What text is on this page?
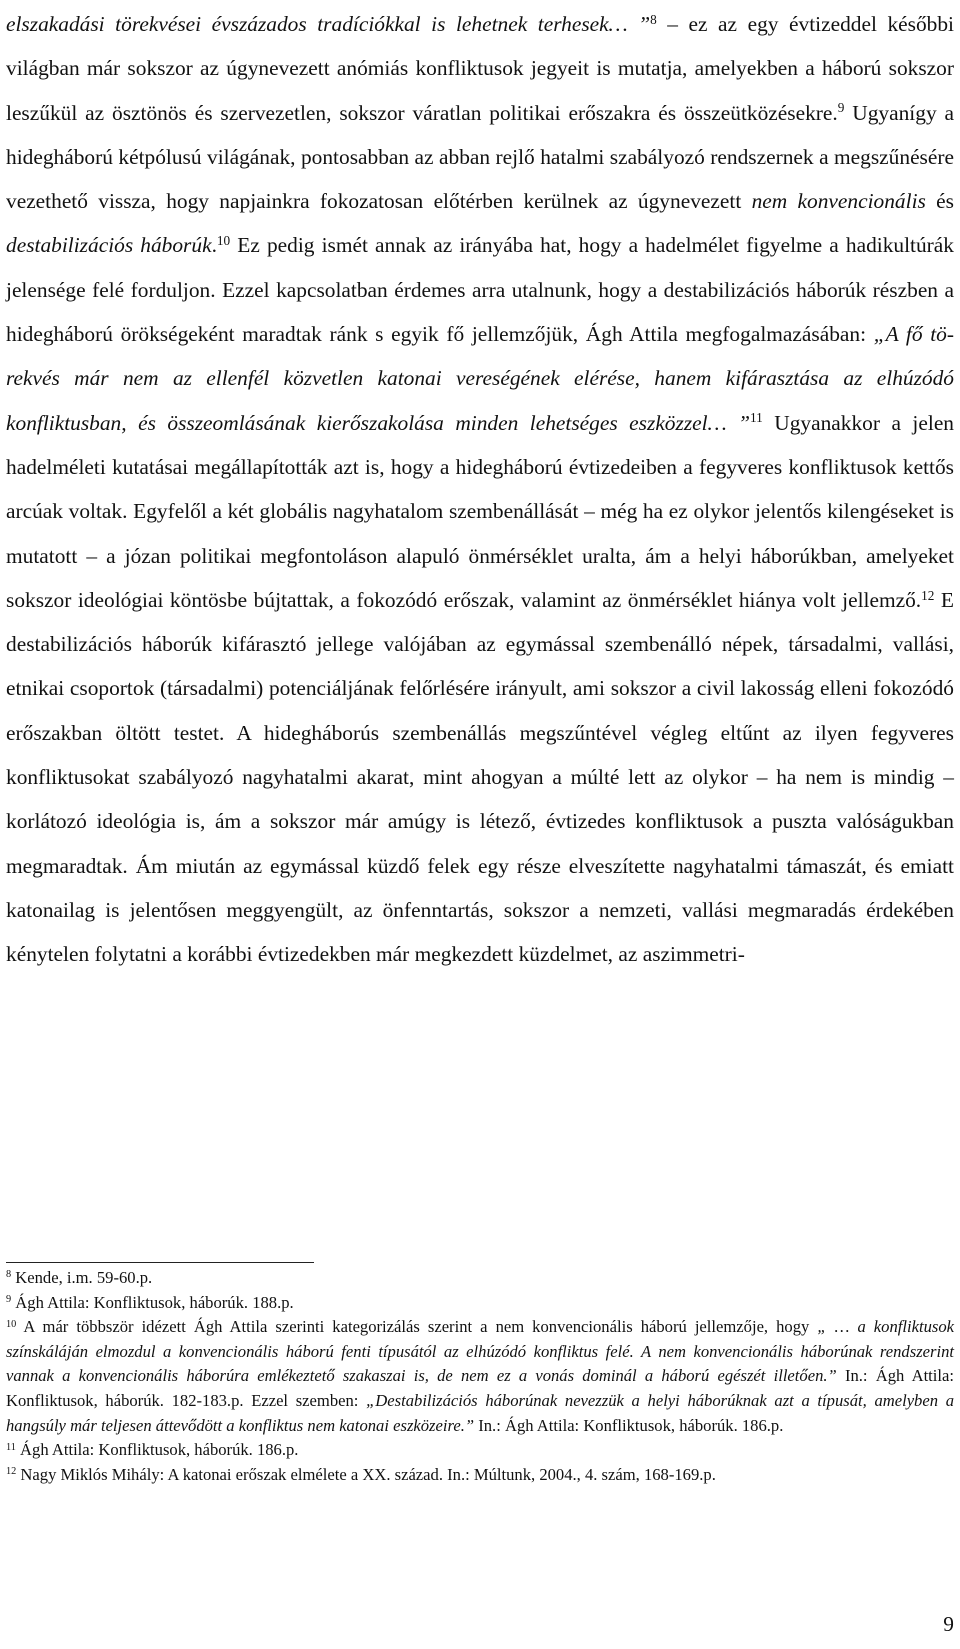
elszakadási törekvései évszázados tradíciókkal is lehetnek terhesek… ”$^8$ – ez az egy évtizeddel későbbi világban már sokszor az úgynevezett anómiás konfliktusok jegyeit is mutatja, amelyekben a háború sokszor leszűkül az ösztönös és szervezetlen, sokszor váratlan politikai erőszakra és összeütközésekre.$^9$ Ugyanígy a hidegháború kétpólusú világának, pontosabban az abban rejlő hatalmi szabályozó rendszernek a megszűnésére vezethető vissza, hogy napjainkra fokozatosan előtérben kerülnek az úgynevezett nem konvencionális és destabilizációs háborúk.$^{10}$ Ez pedig ismét annak az irányába hat, hogy a hadelmélet figyelme a hadikultúrák jelensége felé forduljon. Ezzel kapcsolatban érdemes arra utalnunk, hogy a destabilizációs háborúk részben a hidegháború örökségeként maradtak ránk s egyik fő jellemzőjük, Ágh Attila megfogalmazásában: „A fő törekvés már nem az ellenfél közvetlen katonai vereségének elérése, hanem kifárasztása az elhúzódó konfliktusban, és összeomlásának kierőszakolása minden lehetséges eszközzel… ”$^{11}$ Ugyanakkor a jelen hadelméleti kutatásai megállapították azt is, hogy a hidegháború évtizedeiben a fegyveres konfliktusok kettős arcúak voltak. Egyfelől a két globális nagyhatalom szembenállását – még ha ez olykor jelentős kilengéseket is mutatott – a józan politikai megfontoláson alapuló önmérséklet uralta, ám a helyi háborúkban, amelyeket sokszor ideológiai köntösbe bújtattak, a fokozódó erőszak, valamint az önmérséklet hiánya volt jellemző.$^{12}$ E destabilizációs háborúk kifárasztó jellege valójában az egymással szembenálló népek, társadalmi, vallási, etnikai csoportok (társadalmi) potenciáljának felőrlésére irányult, ami sokszor a civil lakosság elleni fokozódó erőszakban öltött testet. A hidegháborús szembenállás megszűntével végleg eltűnt az ilyen fegyveres konfliktusokat szabályozó nagyhatalmi akarat, mint ahogyan a múlté lett az olykor – ha nem is mindig – korlátozó ideológia is, ám a sokszor már amúgy is létező, évtizedes konfliktusok a puszta valóságukban megmaradtak. Ám miután az egymással küzdő felek egy része elveszítette nagyhatalmi támaszát, és emiatt katonailag is jelentősen meggyengült, az önfenntartás, sokszor a nemzeti, vallási megmaradás érdekében kénytelen folytatni a korábbi évtizedekben már megkezdett küzdelmet, az aszimmetri-

$^8$ Kende, i.m. 59-60.p.

$^9$ Ágh Attila: Konfliktusok, háborúk. 188.p.

$^{10}$ A már többször idézett Ágh Attila szerinti kategorizálás szerint a nem konvencionális háború jellemzője, hogy „ … a konfliktusok színskáláján elmozdul a konvencionális háború fenti típusától az elhúzódó konfliktus felé. A nem konvencionális háborúnak rendszerint vannak a konvencionális háborúra emlékeztető szakaszai is, de nem ez a vonás dominál a háború egészét illetően.” In.: Ágh Attila: Konfliktusok, háborúk. 182-183.p. Ezzel szemben: „Destabilizációs háborúnak nevezzük a helyi háborúknak azt a típusát, amelyben a hangsúly már teljesen áttevődött a konfliktus nem katonai eszközeire.” In.: Ágh Attila: Konfliktusok, háborúk. 186.p.

$^{11}$ Ágh Attila: Konfliktusok, háborúk. 186.p.

$^{12}$ Nagy Miklós Mihály: A katonai erőszak elmélete a XX. század. In.: Múltunk, 2004., 4. szám, 168-169.p.

9
